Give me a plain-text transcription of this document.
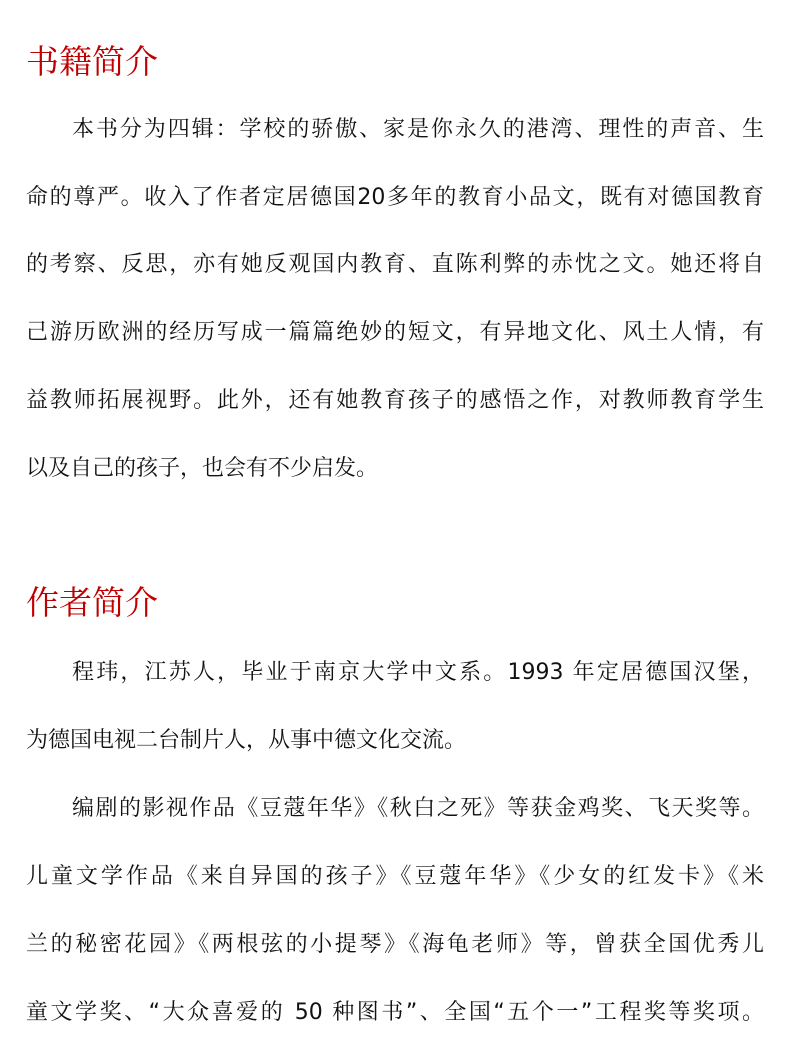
书籍简介

本书分为四辑：学校的骄傲、家是你永久的港湾、理性的声音、生

命的尊严。收入了作者定居德国20多年的教育小品文，既有对德国教育

的考察、反思，亦有她反观国内教育、直陈利弊的赤忱之文。她还将自

己游历欧洲的经历写成一篇篇绝妙的短文，有异地文化、风土人情，有

益教师拓展视野。此外，还有她教育孩子的感悟之作，对教师教育学生

以及自己的孩子，也会有不少启发。

作者简介

程玮，江苏人，毕业于南京大学中文系。1993 年定居德国汉堡，

为德国电视二台制片人，从事中德文化交流。

编剧的影视作品《豆蔻年华》《秋白之死》等获金鸡奖、飞天奖等。

儿童文学作品《来自异国的孩子》《豆蔻年华》《少女的红发卡》《米

兰的秘密花园》《两根弦的小提琴》《海龟老师》等，曾获全国优秀儿

童文学奖、“大众喜爱的 50 种图书”、全国“五个一”工程奖等奖项。
